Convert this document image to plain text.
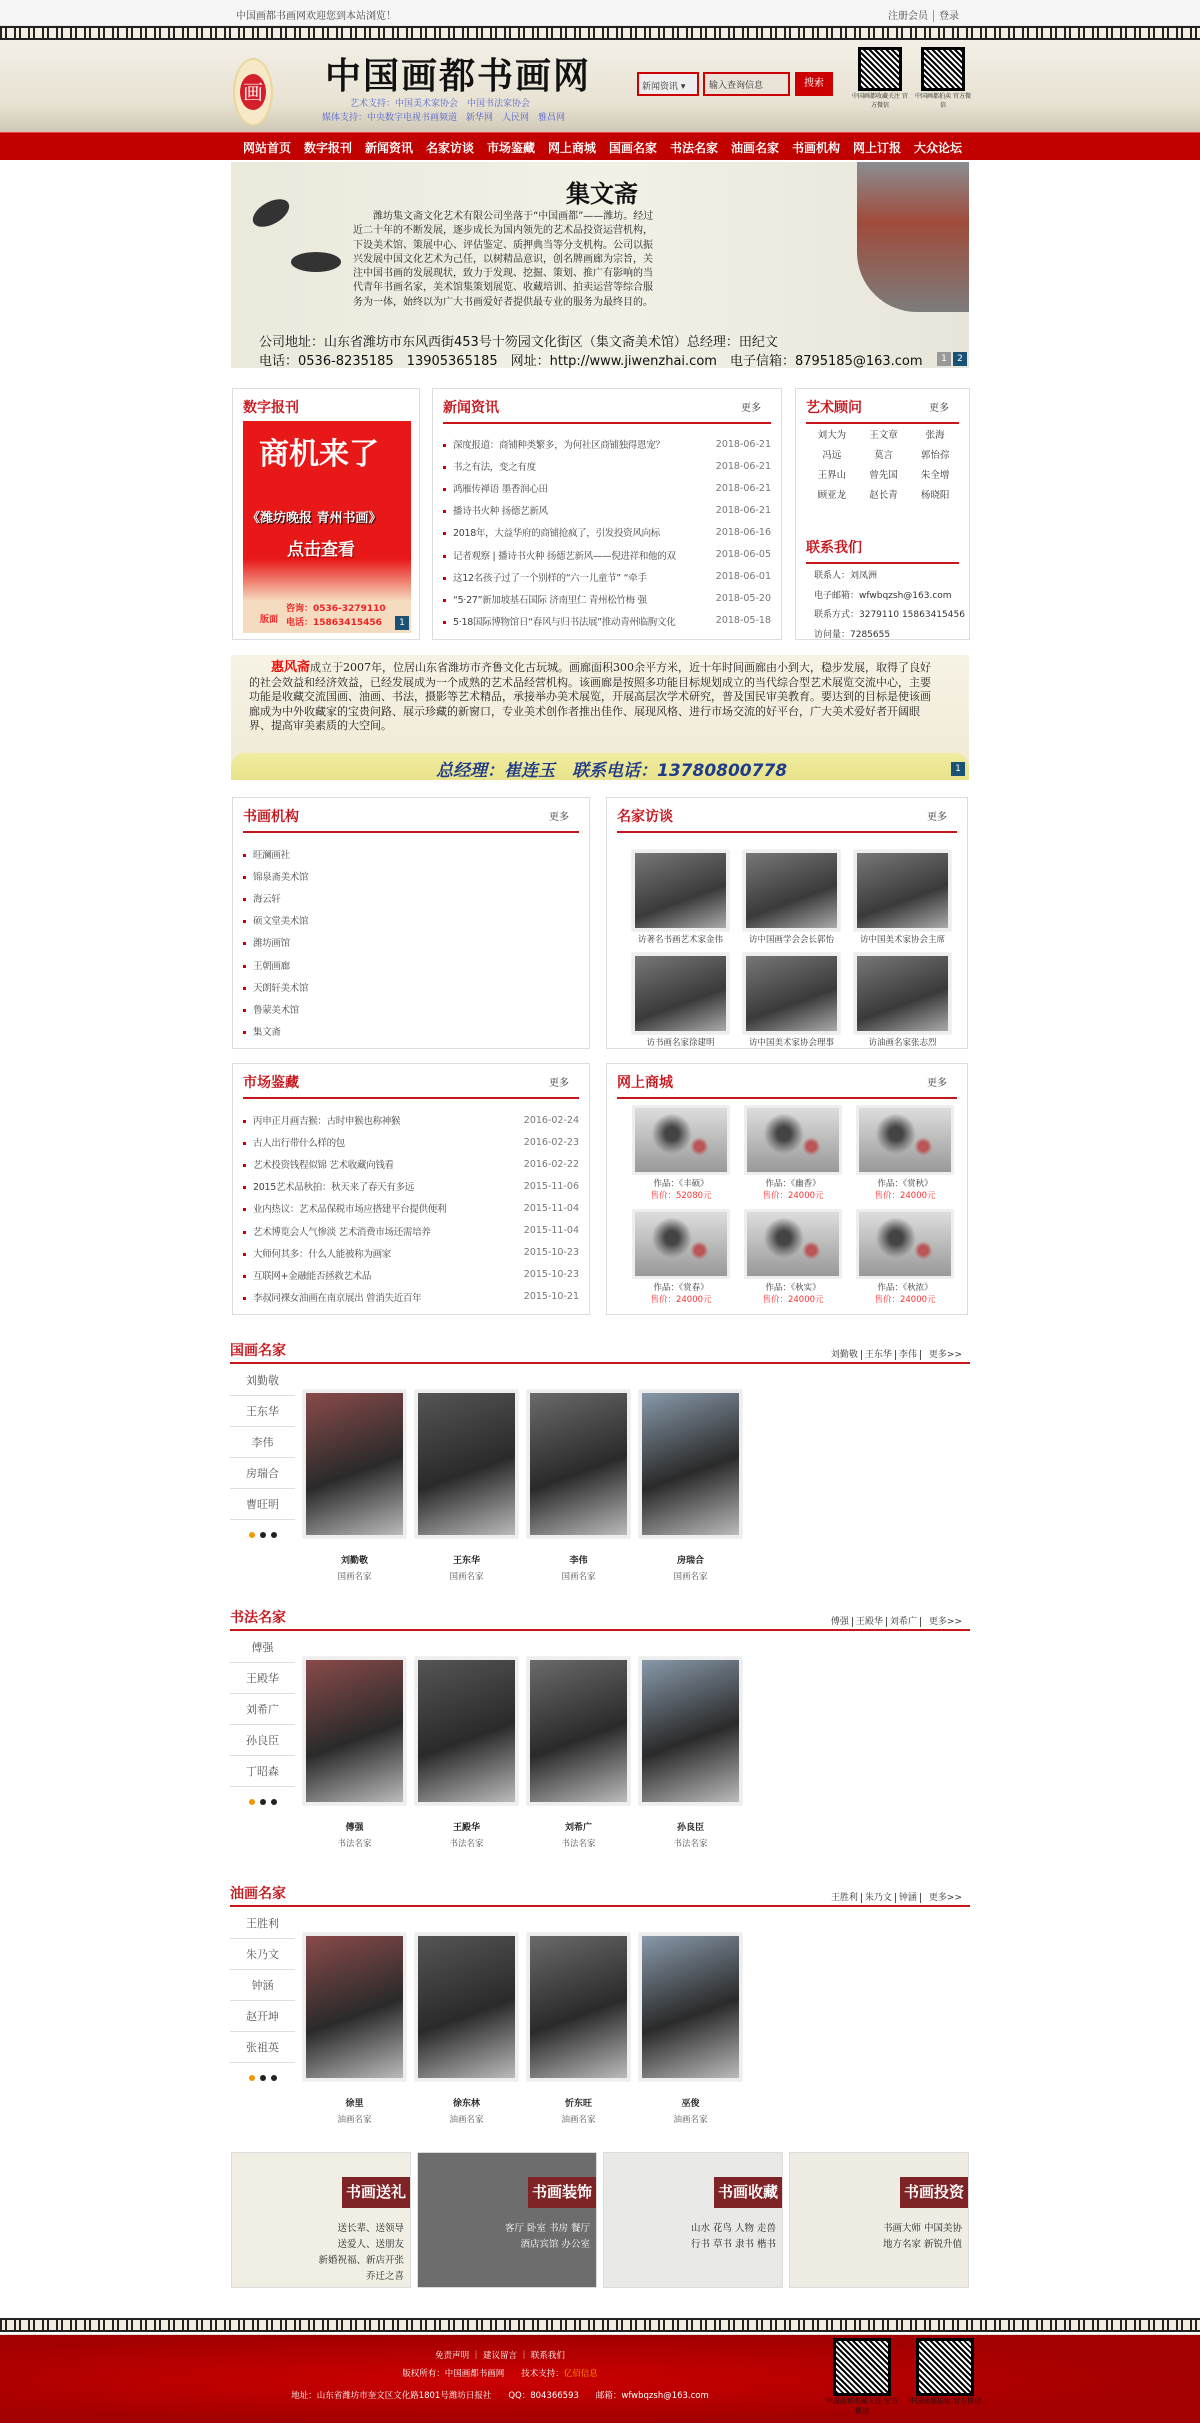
中国画都书画网欢迎您到本站浏览！	注册会员 登录
画 中国画都书画网
艺术支持：中国美术家协会　中国书法家协会
媒体支持：中央数字电视书画频道　新华网　人民网　雅昌网
新闻资讯 ▾	输入查询信息	搜索
中国画都收藏关注 官方微信
中国画都拍卖 官方微信
网站首页	数字报刊	新闻资讯	名家访谈	市场鉴藏	网上商城	国画名家	书法名家	油画名家	书画机构	网上订报	大众论坛
集文斋
潍坊集文斋文化艺术有限公司坐落于“中国画都”——潍坊。经过近二十年的不断发展，逐步成长为国内领先的艺术品投资运营机构，下设美术馆、策展中心、评估鉴定、质押典当等分支机构。公司以振兴发展中国文化艺术为己任，以树精品意识，创名牌画廊为宗旨，关注中国书画的发展现状，致力于发现、挖掘、策划、推广有影响的当代青年书画名家，美术馆集策划展览、收藏培训、拍卖运营等综合服务为一体，始终以为广大书画爱好者提供最专业的服务为最终目的。
公司地址：山东省潍坊市东风西街453号十笏园文化街区（集文斋美术馆）总经理：田纪文
电话：0536-8235185　13905365185　网址：http://www.jiwenzhai.com　电子信箱：8795185@163.com	1	2
数字报刊
商机来了
《潍坊晚报 青州书画》
点击查看
版面
咨询：0536-3279110
电话：15863415456	1
新闻资讯	更多
深度报道：商铺种类繁多，为何社区商铺独得恩宠？	2018-06-21
书之有法，变之有度	2018-06-21
鸿雁传禅语 墨香润心田	2018-06-21
播诗书火种 扬德艺新风	2018-06-21
2018年，大益华府的商铺抢疯了，引发投资风向标	2018-06-16
记者观察 | 播诗书火种 扬德艺新风——倪进祥和他的双	2018-06-05
这12名孩子过了一个别样的“六一儿童节” “牵手	2018-06-01
“5·27”新加坡基石国际 济南里仁 青州松竹梅 强	2018-05-20
5·18国际博物馆日“春风与归书法展”推动青州临朐文化	2018-05-18
艺术顾问	更多
刘大为	王文章	张海
冯远	莫言	郭怡孮
王界山	曾先国	朱全增
顾亚龙	赵长青	杨晓阳
联系我们
联系人：刘凤洲
电子邮箱：wfwbqzsh@163.com
联系方式：3279110 15863415456
访问量：7285655
惠风斋成立于2007年，位居山东省潍坊市齐鲁文化古玩城。画廊面积300余平方米，近十年时间画廊由小到大，稳步发展，取得了良好的社会效益和经济效益，已经发展成为一个成熟的艺术品经营机构。该画廊是按照多功能目标规划成立的当代综合型艺术展览交流中心，主要功能是收藏交流国画、油画、书法，摄影等艺术精品，承接举办美术展览，开展高层次学术研究，普及国民审美教育。要达到的目标是使该画廊成为中外收藏家的宝贵问路、展示珍藏的新窗口，专业美术创作者推出佳作、展现风格、进行市场交流的好平台，广大美术爱好者开阔眼界、提高审美素质的大空间。
总经理：崔连玉　联系电话：13780800778	1
书画机构	更多
旺澜画社
锦泉斋美术馆
海云轩
硕文堂美术馆
潍坊画馆
王朝画廊
天朗轩美术馆
鲁蒙美术馆
集文斋
名家访谈	更多
访著名书画艺术家金伟	访中国画学会会长郭怡	访中国美术家协会主席
访书画名家徐建明	访中国美术家协会理事	访油画名家张志烈
市场鉴藏	更多
丙申正月画吉猴：古时申猴也称神猴	2016-02-24
古人出行带什么样的包	2016-02-23
艺术投资钱程似锦 艺术收藏向钱看	2016-02-22
2015艺术品秋拍：秋天来了春天有多远	2015-11-06
业内热议：艺术品保税市场应搭建平台提供便利	2015-11-04
艺术博览会人气惨淡 艺术消费市场还需培养	2015-11-04
大师何其多：什么人能被称为画家	2015-10-23
互联网+金融能否拯救艺术品	2015-10-23
李叔同裸女油画在南京展出 曾消失近百年	2015-10-21
网上商城	更多
作品：《丰硕》
售价：52080元
作品：《幽香》
售价：24000元
作品：《赏秋》
售价：24000元
作品：《赏春》
售价：24000元
作品：《秋实》
售价：24000元
作品：《秋浓》
售价：24000元
国画名家	刘勤敬 王东华 李伟 更多>>
刘勤敬
王东华
李伟
房瑞合
曹旺明
刘勤敬
国画名家
王东华
国画名家
李伟
国画名家
房瑞合
国画名家
书法名家	傅强 王殿华 刘希广 更多>>
傅强
王殿华
刘希广
孙良臣
丁昭森
傅强
书法名家
王殿华
书法名家
刘希广
书法名家
孙良臣
书法名家
油画名家	王胜利 朱乃文 钟涵 更多>>
王胜利
朱乃文
钟涵
赵开坤
张祖英
徐里
油画名家
徐东林
油画名家
忻东旺
油画名家
巫俊
油画名家
书画送礼
送长辈、送领导
送爱人、送朋友
新婚祝福、新店开张
乔迁之喜
书画装饰
客厅 卧室 书房 餐厅
酒店宾馆 办公室
书画收藏
山水 花鸟 人物 走兽
行书 草书 隶书 楷书
书画投资
书画大师 中国美协
地方名家 新锐升值
免责声明 ｜ 建议留言 ｜ 联系我们
版权所有：中国画都书画网　　 技术支持：亿佰信息
地址：山东省潍坊市奎文区文化路1801号潍坊日报社　　QQ：804366593　　邮箱：wfwbqzsh@163.com	中国画都收藏关注 官方微信
中国画都拍卖 官方微信
